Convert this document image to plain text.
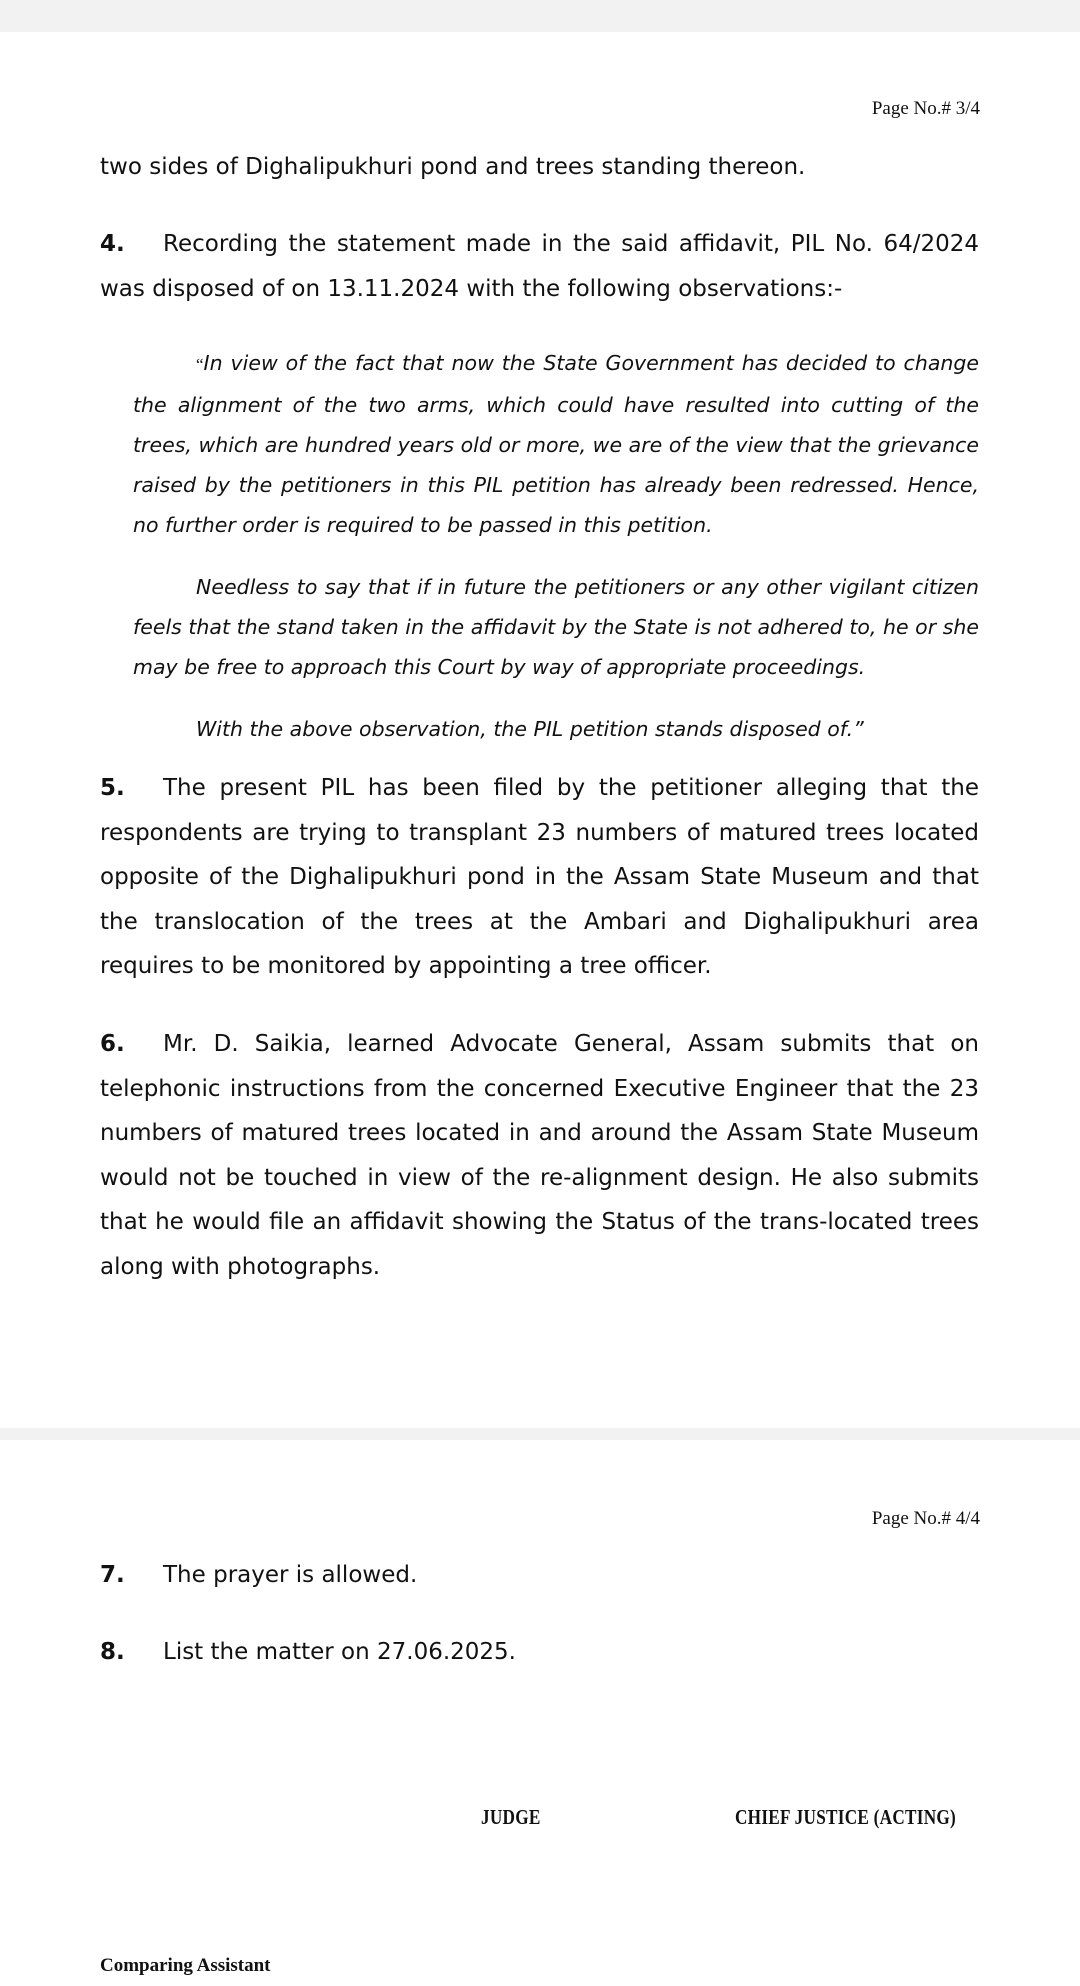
Page No.# 3/4
two sides of Dighalipukhuri pond and trees standing thereon.
4. Recording the statement made in the said affidavit, PIL No. 64/2024 was disposed of on 13.11.2024 with the following observations:-

“In view of the fact that now the State Government has decided to change the alignment of the two arms, which could have resulted into cutting of the trees, which are hundred years old or more, we are of the view that the grievance raised by the petitioners in this PIL petition has already been redressed. Hence, no further order is required to be passed in this petition.

Needless to say that if in future the petitioners or any other vigilant citizen feels that the stand taken in the affidavit by the State is not adhered to, he or she may be free to approach this Court by way of appropriate proceedings.

With the above observation, the PIL petition stands disposed of.”

5. The present PIL has been filed by the petitioner alleging that the respondents are trying to transplant 23 numbers of matured trees located opposite of the Dighalipukhuri pond in the Assam State Museum and that the translocation of the trees at the Ambari and Dighalipukhuri area requires to be monitored by appointing a tree officer.
6. Mr. D. Saikia, learned Advocate General, Assam submits that on telephonic instructions from the concerned Executive Engineer that the 23 numbers of matured trees located in and around the Assam State Museum would not be touched in view of the re-alignment design. He also submits that he would file an affidavit showing the Status of the trans-located trees along with photographs.
Page No.# 4/4
7. The prayer is allowed.
8. List the matter on 27.06.2025.
JUDGE	CHIEF JUSTICE (ACTING)
Comparing Assistant
